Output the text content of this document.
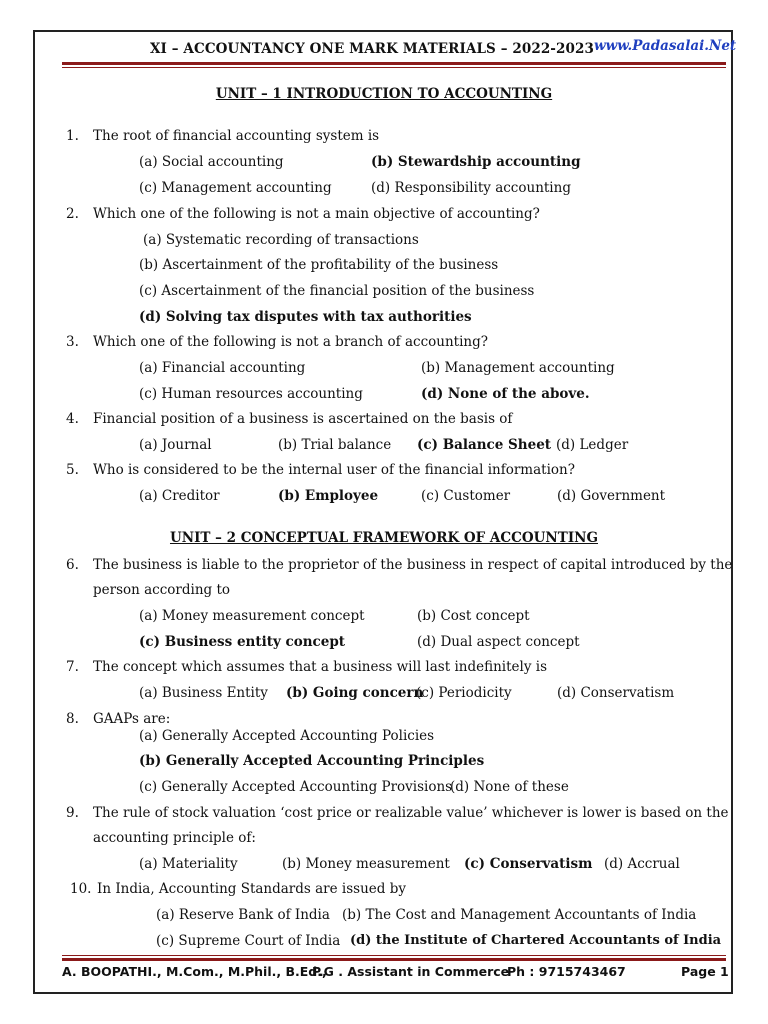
XI – ACCOUNTANCY ONE MARK MATERIALS – 2022-2023 www.Padasalai.Net
UNIT – 1 INTRODUCTION TO ACCOUNTING
1. The root of financial accounting system is
(a) Social accounting	(b) Stewardship accounting
(c) Management accounting	(d) Responsibility accounting
2. Which one of the following is not a main objective of accounting?
(a) Systematic recording of transactions
(b) Ascertainment of the profitability of the business
(c) Ascertainment of the financial position of the business
(d) Solving tax disputes with tax authorities
3. Which one of the following is not a branch of accounting?
(a) Financial accounting	(b) Management accounting
(c) Human resources accounting	(d) None of the above.
4. Financial position of a business is ascertained on the basis of
(a) Journal	(b) Trial balance (c) Balance Sheet (d) Ledger
5. Who is considered to be the internal user of the financial information?
(a) Creditor	(b) Employee	(c) Customer	(d) Government
UNIT – 2 CONCEPTUAL FRAMEWORK OF ACCOUNTING
6. The business is liable to the proprietor of the business in respect of capital introduced by the
person according to
(a) Money measurement concept	(b) Cost concept
(c) Business entity concept	(d) Dual aspect concept
7. The concept which assumes that a business will last indefinitely is
(a) Business Entity (b) Going concern
(c) Periodicity	(d) Conservatism
8. GAAPs are:
(a) Generally Accepted Accounting Policies
(b) Generally Accepted Accounting Principles
(c) Generally Accepted Accounting Provisions
(d) None of these
9. The rule of stock valuation ‘cost price or realizable value’ whichever is lower is based on the
accounting principle of:
(a) Materiality	(b) Money measurement (c) Conservatism (d) Accrual
10. In India, Accounting Standards are issued by
(a) Reserve Bank of India (b) The Cost and Management Accountants of India
(c) Supreme Court of India (d) the Institute of Chartered Accountants of India
A. BOOPATHI., M.Com., M.Phil., B.Ed.,
P.G . Assistant in Commerce
Ph : 9715743467	Page 1
